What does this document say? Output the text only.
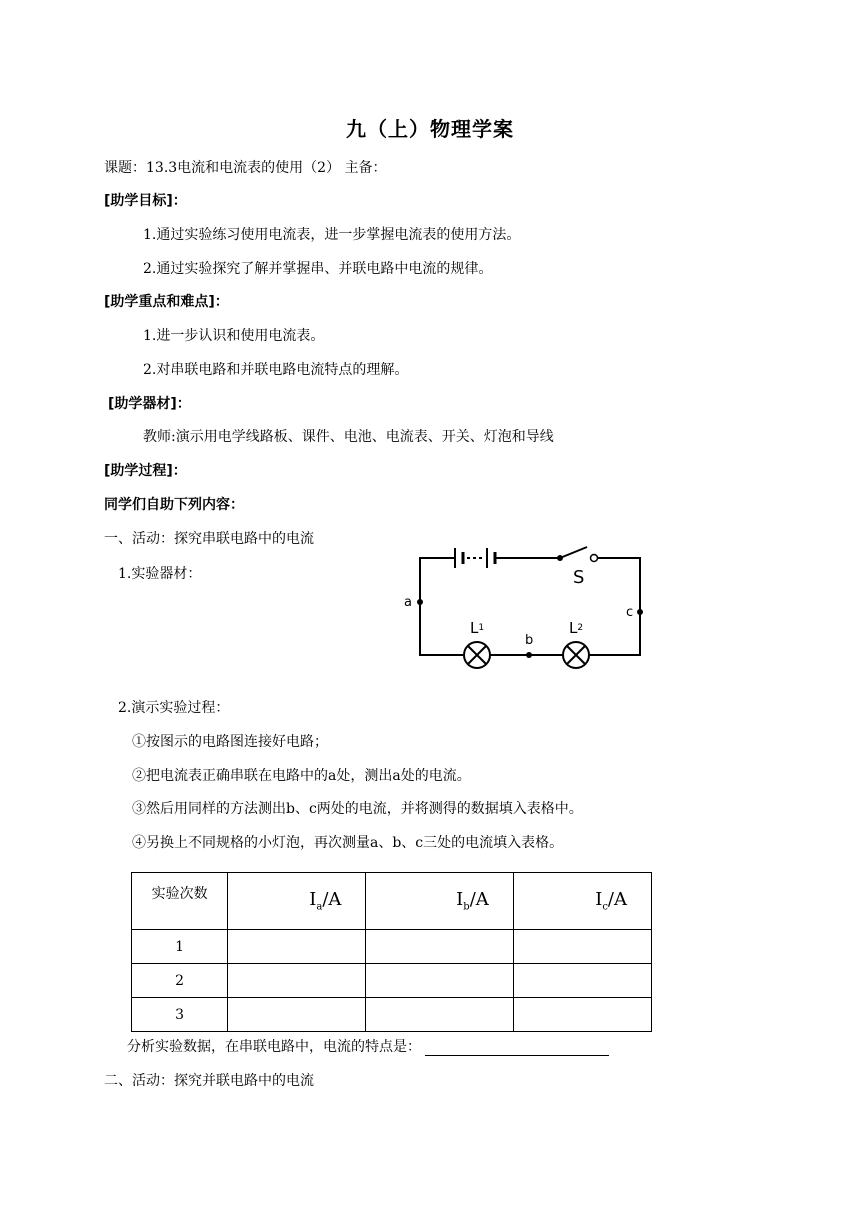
九（上）物理学案
课题：13.3电流和电流表的使用（2） 主备：
[助学目标]：
1.通过实验练习使用电流表，进一步掌握电流表的使用方法。
2.通过实验探究了解并掌握串、并联电路中电流的规律。
[助学重点和难点]：
1.进一步认识和使用电流表。
2.对串联电路和并联电路电流特点的理解。
[助学器材]：
教师:演示用电学线路板、课件、电池、电流表、开关、灯泡和导线
[助学过程]：
同学们自助下列内容：
一、活动：探究串联电路中的电流
1.实验器材：
a
b
c
S
$L^1$	$L^2$
2.演示实验过程：
①按图示的电路图连接好电路；
②把电流表正确串联在电路中的a处，测出a处的电流。
③然后用同样的方法测出b、c两处的电流，并将测得的数据填入表格中。
④另换上不同规格的小灯泡，再次测量a、b、c三处的电流填入表格。
实验次数	$I_a/A$	$I_b/A$	$I_c/A$
1			
2			
3			
分析实验数据，在串联电路中，电流的特点是：
二、活动：探究并联电路中的电流
